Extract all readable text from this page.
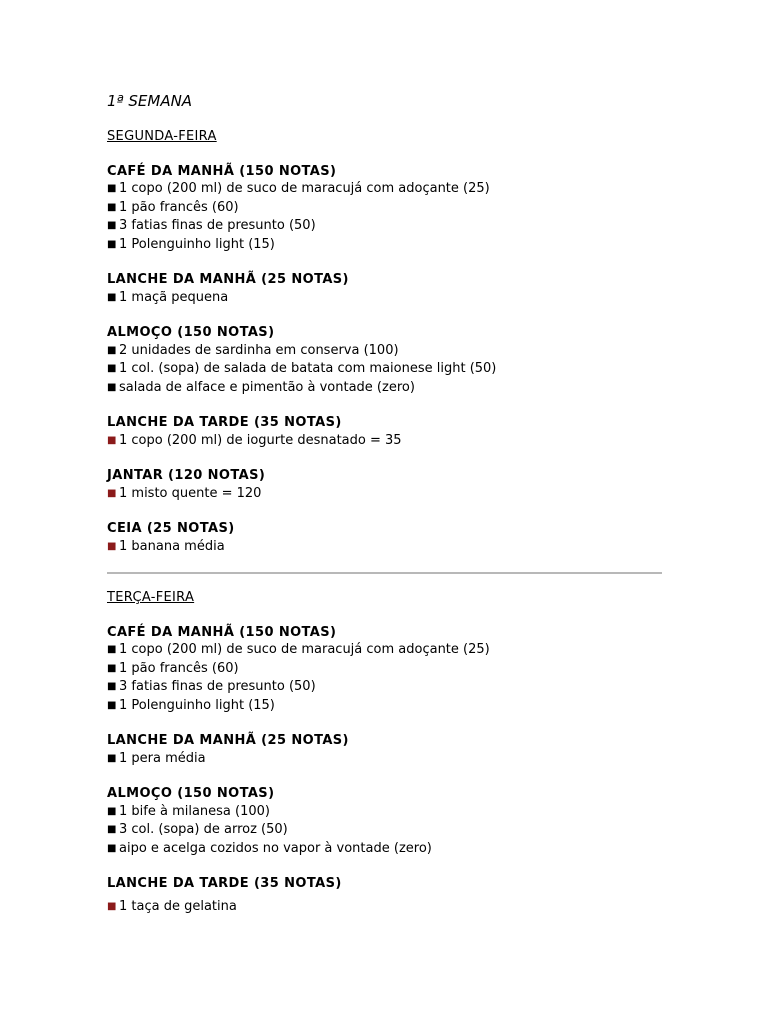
1ª SEMANA

SEGUNDA-FEIRA

CAFÉ DA MANHÃ (150 NOTAS)

■ 1 copo (200 ml) de suco de maracujá com adoçante (25)
■ 1 pão francês (60)
■ 3 fatias finas de presunto (50)
■ 1 Polenguinho light (15)

LANCHE DA MANHÃ (25 NOTAS)

■ 1 maçã pequena

ALMOÇO (150 NOTAS)

■ 2 unidades de sardinha em conserva (100)
■ 1 col. (sopa) de salada de batata com maionese light (50)
■ salada de alface e pimentão à vontade (zero)

LANCHE DA TARDE (35 NOTAS)

■ 1 copo (200 ml) de iogurte desnatado = 35

JANTAR (120 NOTAS)

■ 1 misto quente = 120

CEIA (25 NOTAS)

■ 1 banana média

TERÇA-FEIRA

CAFÉ DA MANHÃ (150 NOTAS)

■ 1 copo (200 ml) de suco de maracujá com adoçante (25)
■ 1 pão francês (60)
■ 3 fatias finas de presunto (50)
■ 1 Polenguinho light (15)

LANCHE DA MANHÃ (25 NOTAS)

■ 1 pera média

ALMOÇO (150 NOTAS)

■ 1 bife à milanesa (100)
■ 3 col. (sopa) de arroz (50)
■ aipo e acelga cozidos no vapor à vontade (zero)

LANCHE DA TARDE (35 NOTAS)

■ 1 taça de gelatina
